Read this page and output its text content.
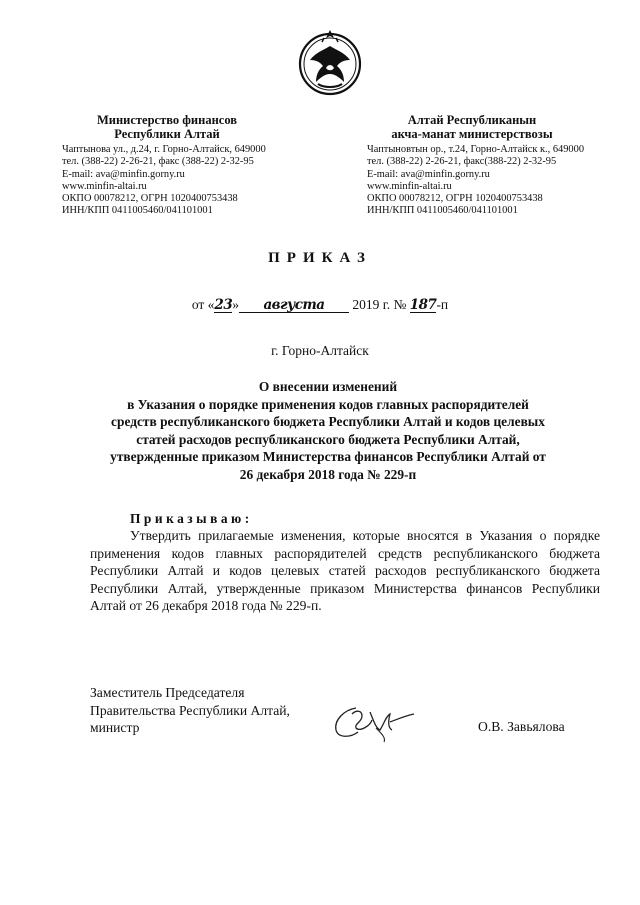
Министерство финансов
Республики Алтай
Чаптынова ул., д.24, г. Горно-Алтайск, 649000
тел. (388-22) 2-26-21, факс (388-22) 2-32-95
E-mail: ava@minfin.gorny.ru
www.minfin-altai.ru
ОКПО 00078212, ОГРН 1020400753438
ИНН/КПП 0411005460/041101001
Алтай Республиканын
акча-манат министерствозы
Чаптыновтын ор., т.24, Горно-Алтайск к., 649000
тел. (388-22) 2-26-21, факс(388-22) 2-32-95
E-mail: ava@minfin.gorny.ru
www.minfin-altai.ru
ОКПО 00078212, ОГРН 1020400753438
ИНН/КПП 0411005460/041101001
ПРИКАЗ
от «23» августа 2019 г. № 187-п
г. Горно-Алтайск
О внесении изменений
в Указания о порядке применения кодов главных распорядителей
средств республиканского бюджета Республики Алтай и кодов целевых
статей расходов республиканского бюджета Республики Алтай,
утвержденные приказом Министерства финансов Республики Алтай от
26 декабря 2018 года № 229-п
Приказываю:
Утвердить прилагаемые изменения, которые вносятся в Указания о порядке применения кодов главных распорядителей средств республиканского бюджета Республики Алтай и кодов целевых статей расходов республиканского бюджета Республики Алтай, утвержденные приказом Министерства финансов Республики Алтай от 26 декабря 2018 года № 229-п.
Заместитель Председателя
Правительства Республики Алтай,
министр	О.В. Завьялова
